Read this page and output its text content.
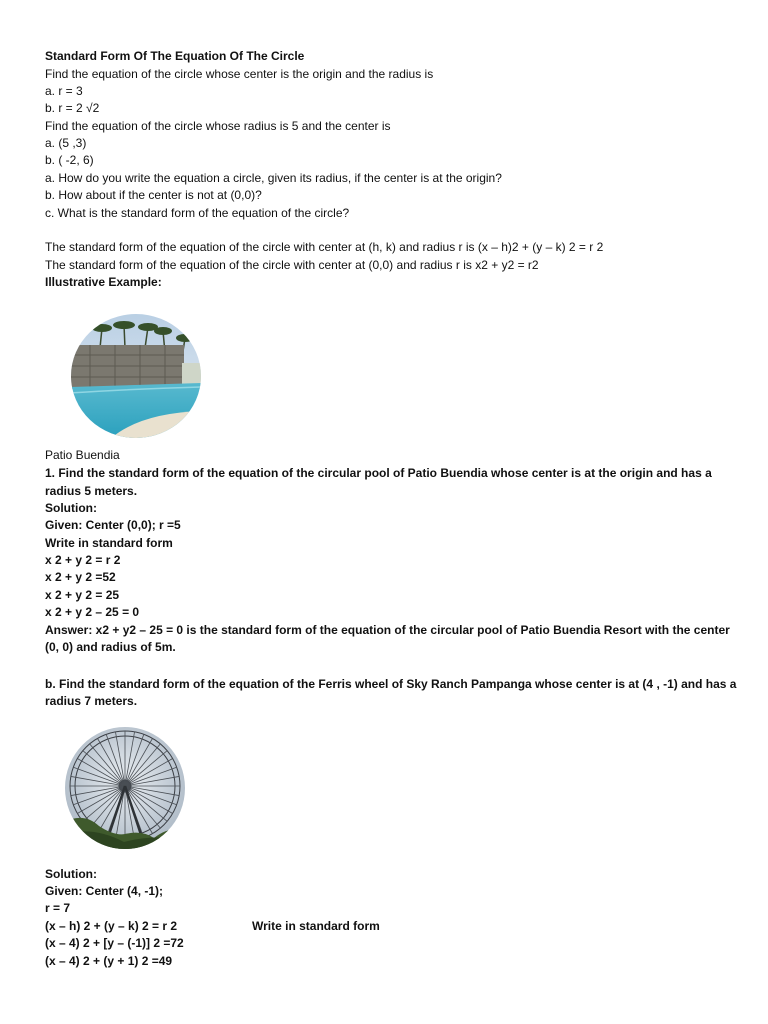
Standard Form Of The Equation Of The Circle
Find the equation of the circle whose center is the origin and the radius is
a. r = 3
b. r = 2 √2
Find the equation of the circle whose radius is 5 and the center is
a. (5 ,3)
b. ( -2, 6)
a. How do you write the equation a circle, given its radius, if the center is at the origin?
b. How about if the center is not at (0,0)?
c. What is the standard form of the equation of the circle?
The standard form of the equation of the circle with center at (h, k) and radius r is (x – h)2 + (y – k) 2 = r 2
The standard form of the equation of the circle with center at (0,0) and radius r is x2 + y2 = r2
Illustrative Example:
Patio Buendia
1. Find the standard form of the equation of the circular pool of Patio Buendia whose center is at the origin and has a
radius 5 meters.
Solution:
Given: Center (0,0); r =5
Write in standard form
x 2 + y 2 = r 2
x 2 + y 2 =52
x 2 + y 2 = 25
x 2 + y 2 – 25 = 0
Answer: x2 + y2 – 25 = 0 is the standard form of the equation of the circular pool of Patio Buendia Resort with the center
(0, 0) and radius of 5m.
b. Find the standard form of the equation of the Ferris wheel of Sky Ranch Pampanga whose center is at (4 , -1) and has a
radius 7 meters.
Solution:
Given: Center (4, -1);
r = 7
(x – h) 2 + (y – k) 2 = r 2	Write in standard form
(x – 4) 2 + [y – (-1)] 2 =72
(x – 4) 2 + (y + 1) 2 =49
